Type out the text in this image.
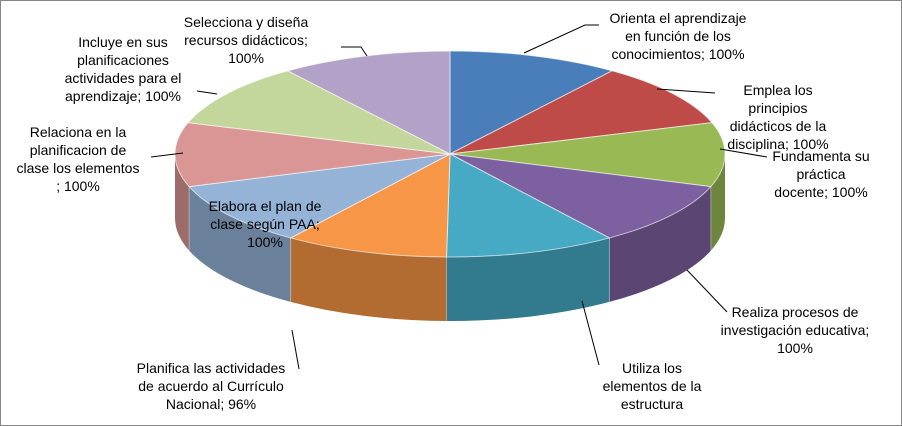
Orienta el aprendizaje
en función de los
conocimientos; 100%
Emplea los
principios
didácticos de la
disciplina; 100%
Fundamenta su
práctica
docente; 100%
Realiza procesos de
investigación educativa;
100%
Utiliza los
elementos de la
estructura
Planifica las actividades
de acuerdo al Currículo
Nacional; 96%
Elabora el plan de
clase según PAA;
100%
Relaciona en la
planificacion de
clase los elementos
; 100%
Incluye en sus
planificaciones
actividades para el
aprendizaje; 100%
Selecciona y diseña
recursos didácticos;
100%
